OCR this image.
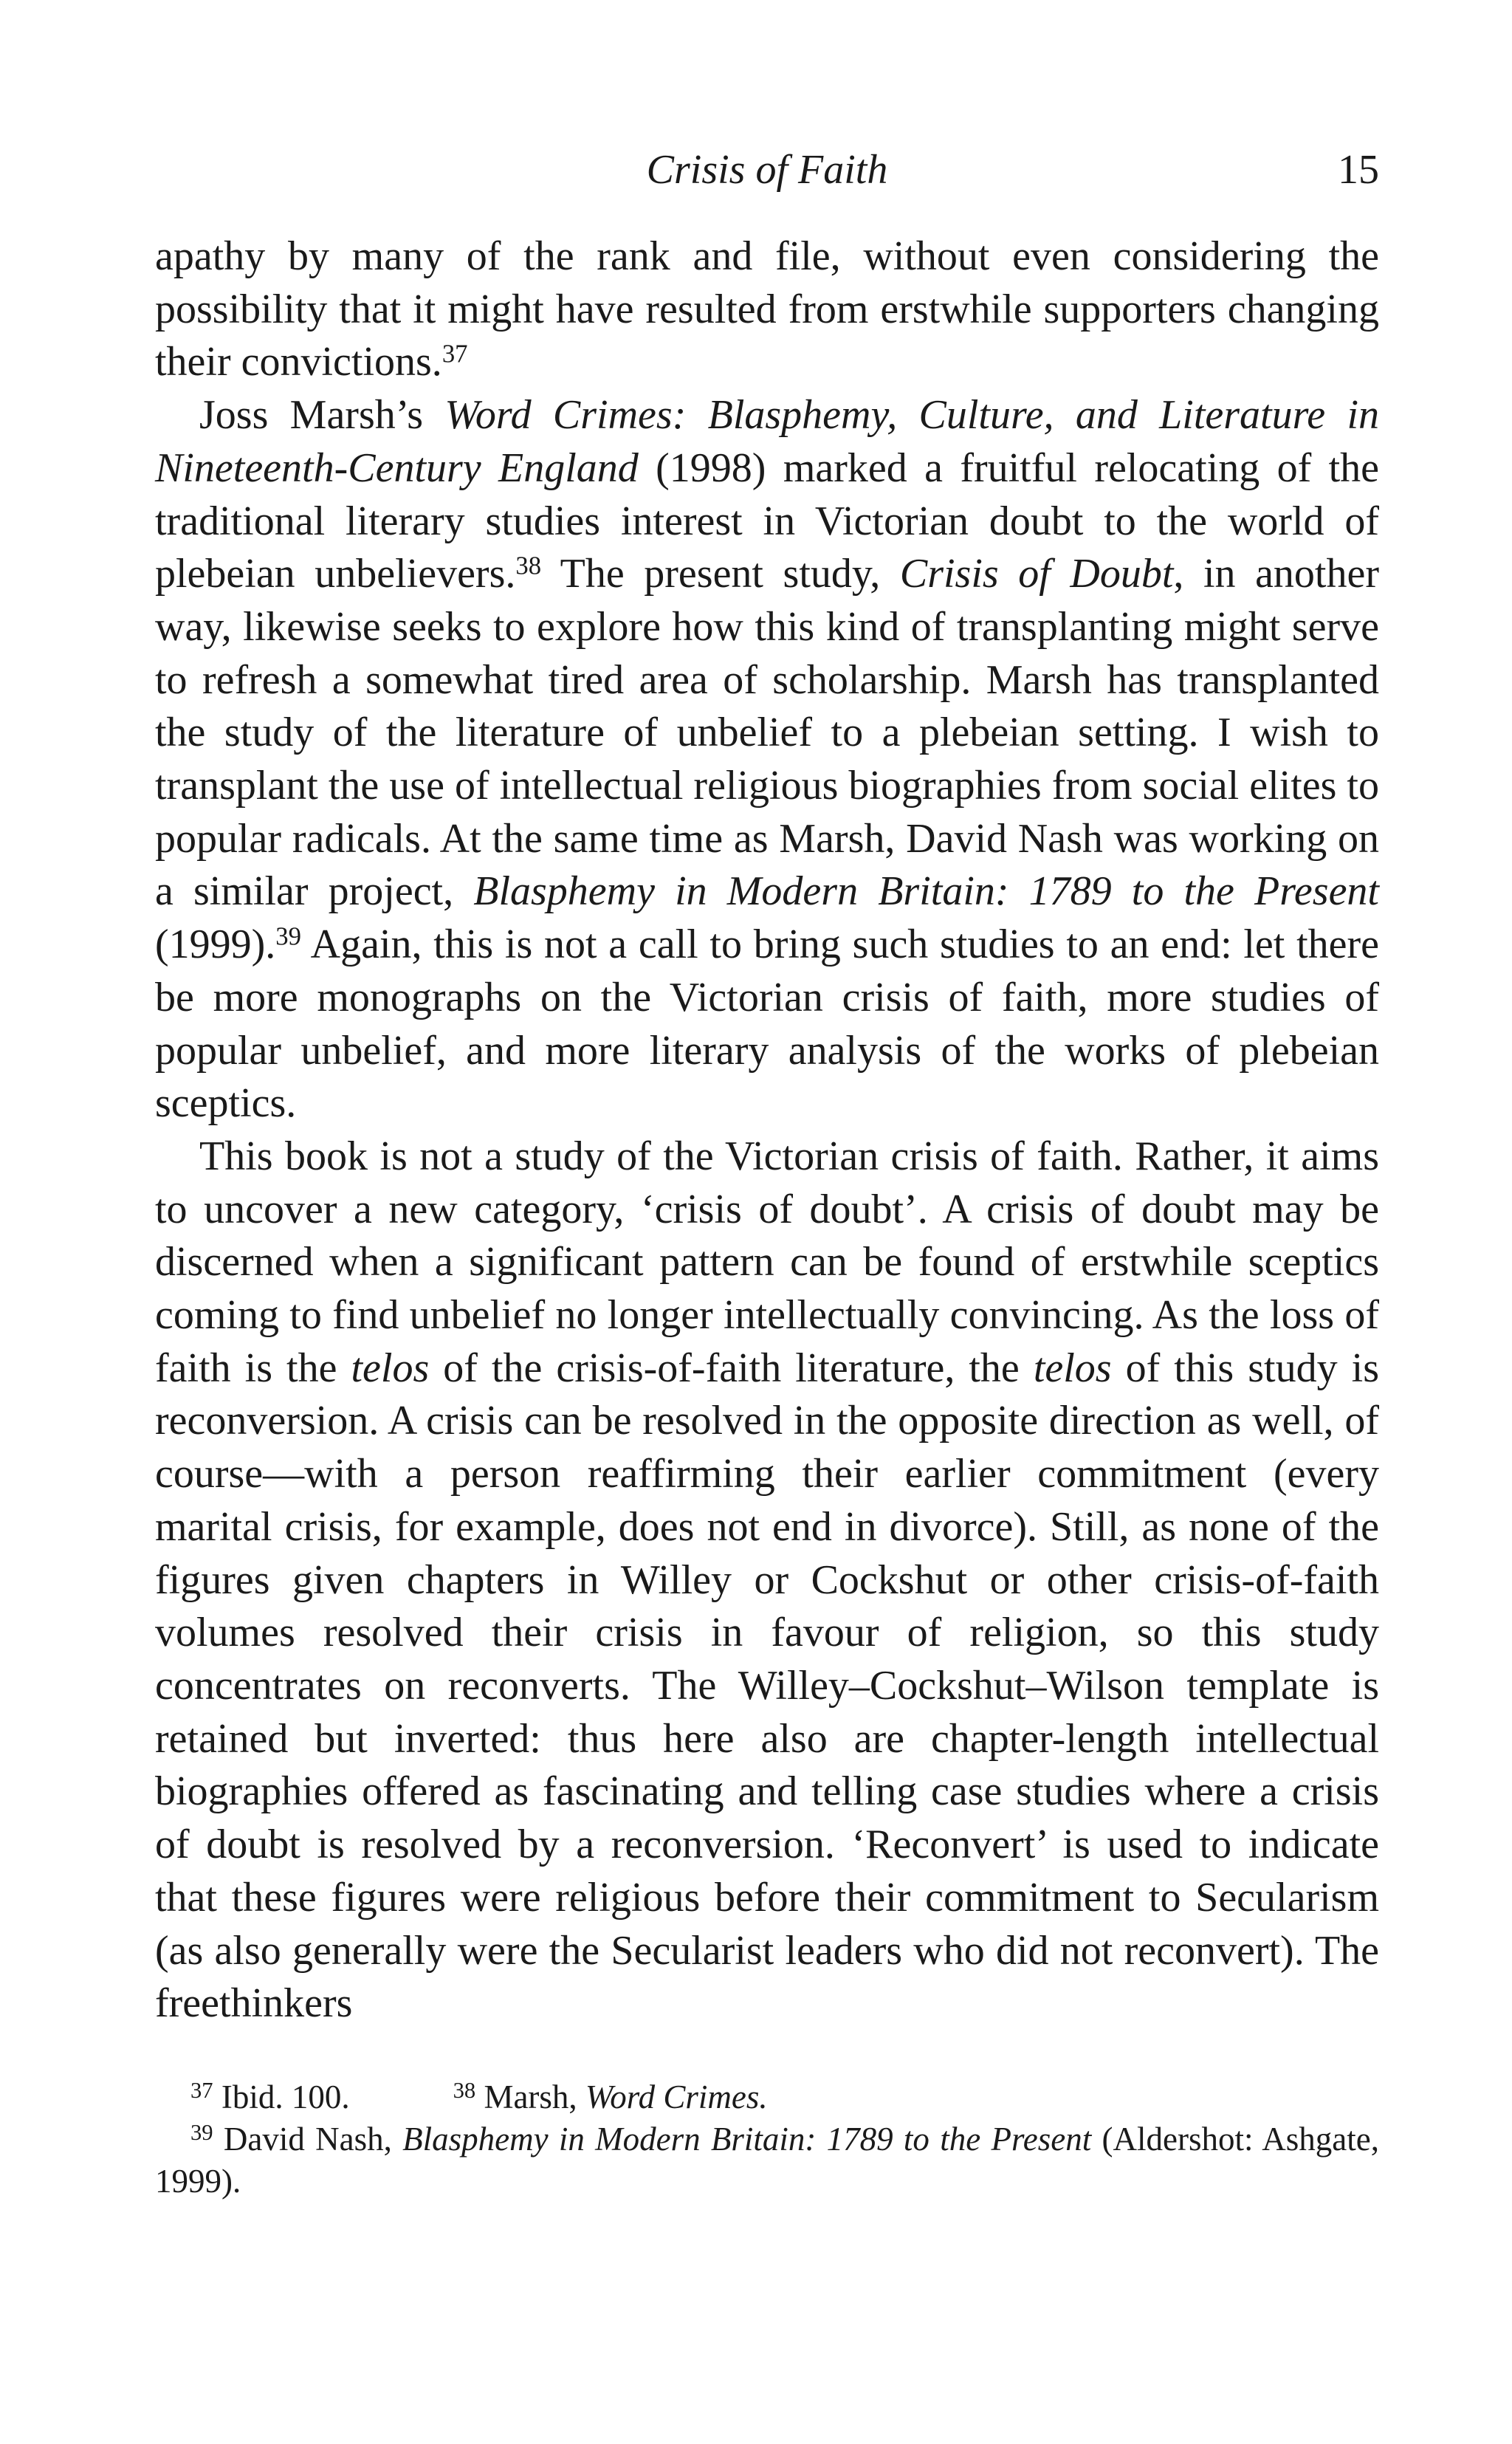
Crisis of Faith	15

apathy by many of the rank and file, without even considering the possibility that it might have resulted from erstwhile supporters changing their convictions.$^{37}$

Joss Marsh’s Word Crimes: Blasphemy, Culture, and Literature in Nineteenth-Century England (1998) marked a fruitful relocating of the traditional literary studies interest in Victorian doubt to the world of plebeian unbelievers.$^{38}$ The present study, Crisis of Doubt, in another way, likewise seeks to explore how this kind of transplanting might serve to refresh a somewhat tired area of scholarship. Marsh has transplanted the study of the literature of unbelief to a plebeian setting. I wish to transplant the use of intellectual religious biographies from social elites to popular radicals. At the same time as Marsh, David Nash was working on a similar project, Blasphemy in Modern Britain: 1789 to the Present (1999).$^{39}$ Again, this is not a call to bring such studies to an end: let there be more monographs on the Victorian crisis of faith, more studies of popular unbelief, and more literary analysis of the works of plebeian sceptics.

This book is not a study of the Victorian crisis of faith. Rather, it aims to uncover a new category, ‘crisis of doubt’. A crisis of doubt may be discerned when a significant pattern can be found of erstwhile sceptics coming to find unbelief no longer intellectually convincing. As the loss of faith is the telos of the crisis-of-faith literature, the telos of this study is reconversion. A crisis can be resolved in the opposite direction as well, of course—with a person reaffirming their earlier commitment (every marital crisis, for example, does not end in divorce). Still, as none of the figures given chapters in Willey or Cockshut or other crisis-of-faith volumes resolved their crisis in favour of religion, so this study concentrates on reconverts. The Willey–Cockshut–Wilson template is retained but inverted: thus here also are chapter-length intellectual biographies offered as fascinating and telling case studies where a crisis of doubt is resolved by a reconversion. ‘Reconvert’ is used to indicate that these figures were religious before their commitment to Secularism (as also generally were the Secularist leaders who did not reconvert). The freethinkers

$^{37}$ Ibid. 100.	$^{38}$ Marsh, Word Crimes.

$^{39}$ David Nash, Blasphemy in Modern Britain: 1789 to the Present (Aldershot: Ashgate, 1999).
